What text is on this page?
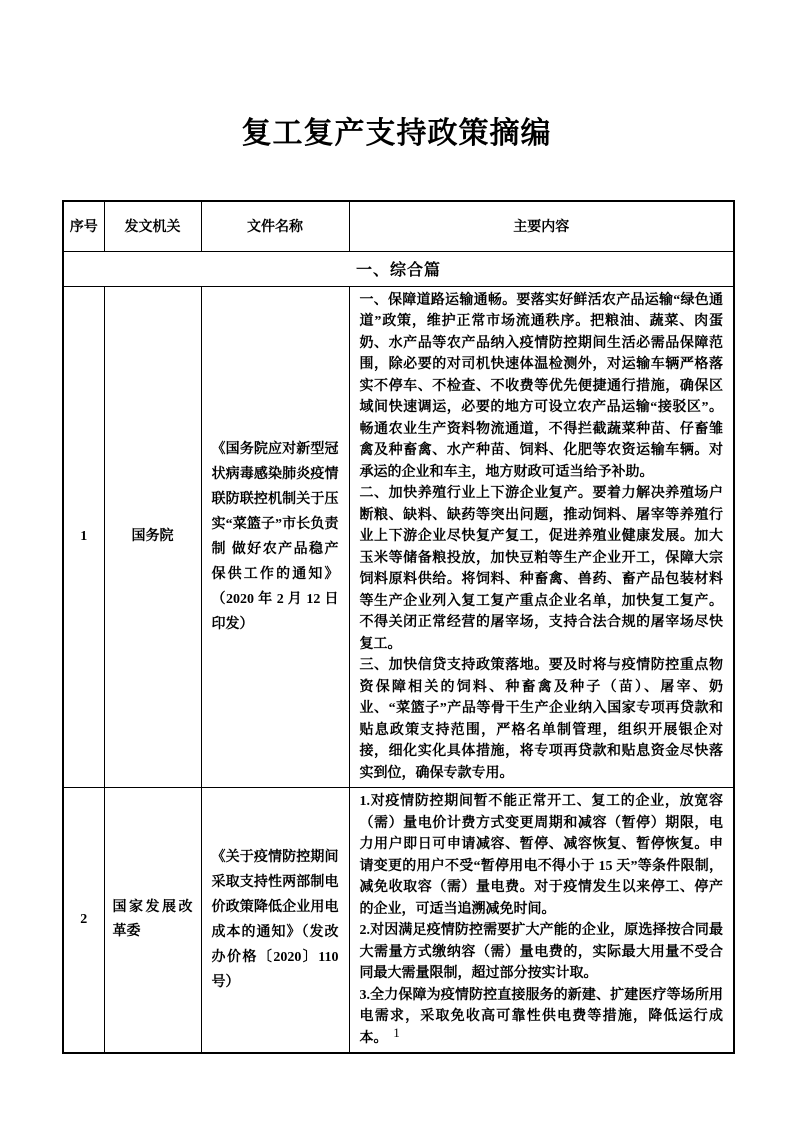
复工复产支持政策摘编
序号	发文机关	文件名称	主要内容
一、综合篇			
1	国务院	《国务院应对新型冠状病毒感染肺炎疫情联防联控机制关于压实“菜篮子”市长负责制 做好农产品稳产保供工作的通知》（2020 年 2 月 12 日印发）	一、保障道路运输通畅。要落实好鲜活农产品运输“绿色通道”政策，维护正常市场流通秩序。把粮油、蔬菜、肉蛋奶、水产品等农产品纳入疫情防控期间生活必需品保障范围，除必要的对司机快速体温检测外，对运输车辆严格落实不停车、不检查、不收费等优先便捷通行措施，确保区域间快速调运，必要的地方可设立农产品运输“接驳区”。畅通农业生产资料物流通道，不得拦截蔬菜种苗、仔畜雏禽及种畜禽、水产种苗、饲料、化肥等农资运输车辆。对承运的企业和车主，地方财政可适当给予补助。

二、加快养殖行业上下游企业复产。要着力解决养殖场户断粮、缺料、缺药等突出问题，推动饲料、屠宰等养殖行业上下游企业尽快复产复工，促进养殖业健康发展。加大玉米等储备粮投放，加快豆粕等生产企业开工，保障大宗饲料原料供给。将饲料、种畜禽、兽药、畜产品包装材料等生产企业列入复工复产重点企业名单，加快复工复产。不得关闭正常经营的屠宰场，支持合法合规的屠宰场尽快复工。

三、加快信贷支持政策落地。要及时将与疫情防控重点物资保障相关的饲料、种畜禽及种子（苗）、屠宰、奶业、“菜篮子”产品等骨干生产企业纳入国家专项再贷款和贴息政策支持范围，严格名单制管理，组织开展银企对接，细化实化具体措施，将专项再贷款和贴息资金尽快落实到位，确保专款专用。

2	国家发展改革委	《关于疫情防控期间采取支持性两部制电价政策降低企业用电成本的通知》（发改办价格〔2020〕110 号）	1.对疫情防控期间暂不能正常开工、复工的企业，放宽容（需）量电价计费方式变更周期和减容（暂停）期限，电力用户即日可申请减容、暂停、减容恢复、暂停恢复。申请变更的用户不受“暂停用电不得小于 15 天”等条件限制，减免收取容（需）量电费。对于疫情发生以来停工、停产的企业，可适当追溯减免时间。

2.对因满足疫情防控需要扩大产能的企业，原选择按合同最大需量方式缴纳容（需）量电费的，实际最大用量不受合同最大需量限制，超过部分按实计取。

3.全力保障为疫情防控直接服务的新建、扩建医疗等场所用电需求，采取免收高可靠性供电费等措施，降低运行成本。 1
